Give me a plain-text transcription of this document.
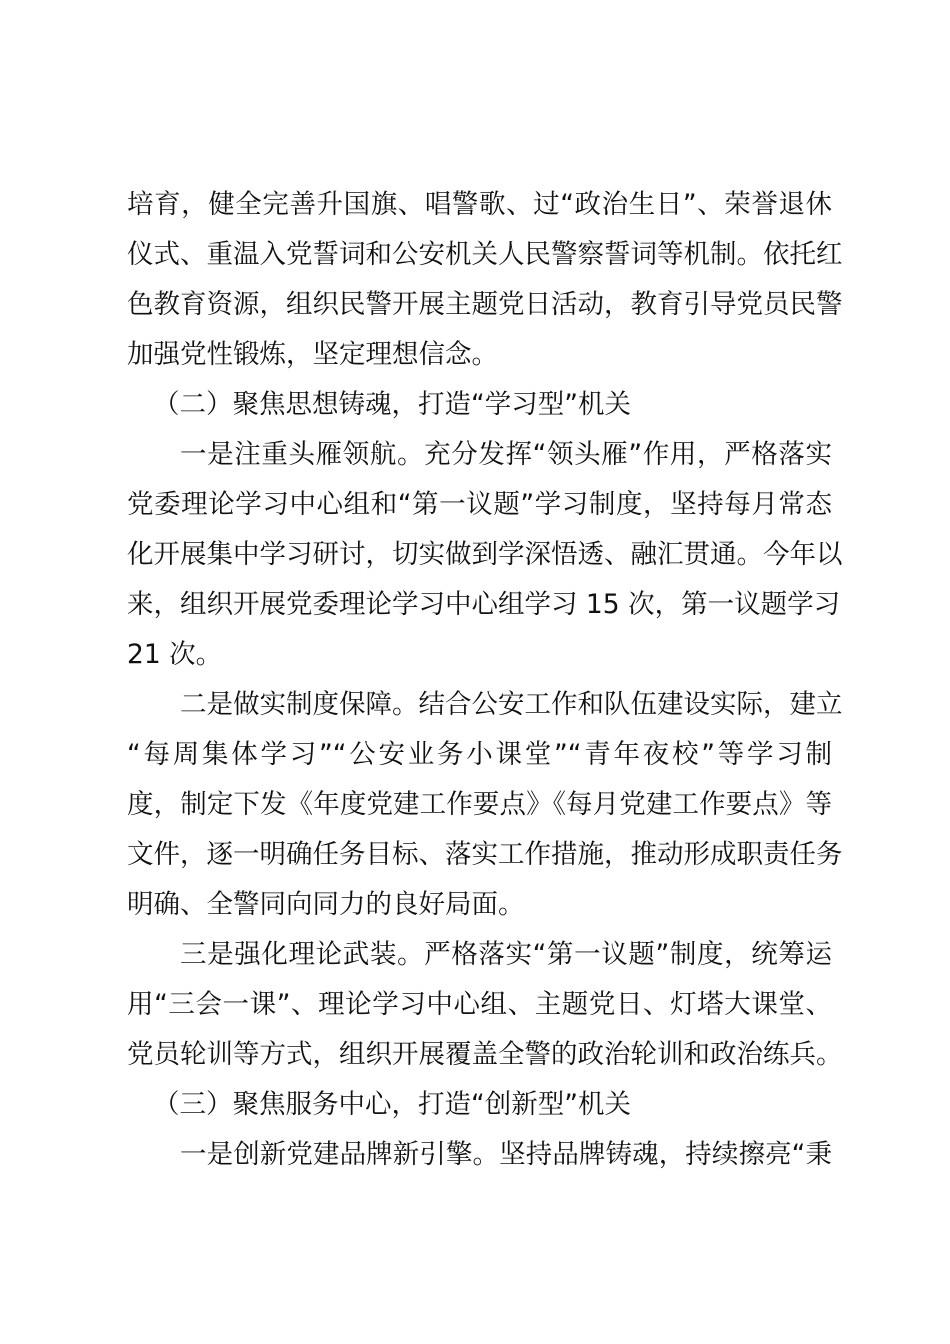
培育，健全完善升国旗、唱警歌、过“政治生日”、荣誉退休
仪式、重温入党誓词和公安机关人民警察誓词等机制。依托红
色教育资源，组织民警开展主题党日活动，教育引导党员民警
加强党性锻炼，坚定理想信念。
（二）聚焦思想铸魂，打造“学习型”机关
一是注重头雁领航。充分发挥“领头雁”作用，严格落实
党委理论学习中心组和“第一议题”学习制度，坚持每月常态
化开展集中学习研讨，切实做到学深悟透、融汇贯通。今年以
来，组织开展党委理论学习中心组学习 15 次，第一议题学习
21 次。
二是做实制度保障。结合公安工作和队伍建设实际，建立
“每周集体学习”“公安业务小课堂”“青年夜校”等学习制
度，制定下发《年度党建工作要点》《每月党建工作要点》等
文件，逐一明确任务目标、落实工作措施，推动形成职责任务
明确、全警同向同力的良好局面。
三是强化理论武装。严格落实“第一议题”制度，统筹运
用“三会一课”、理论学习中心组、主题党日、灯塔大课堂、
党员轮训等方式，组织开展覆盖全警的政治轮训和政治练兵。
（三）聚焦服务中心，打造“创新型”机关
一是创新党建品牌新引擎。坚持品牌铸魂，持续擦亮“秉
